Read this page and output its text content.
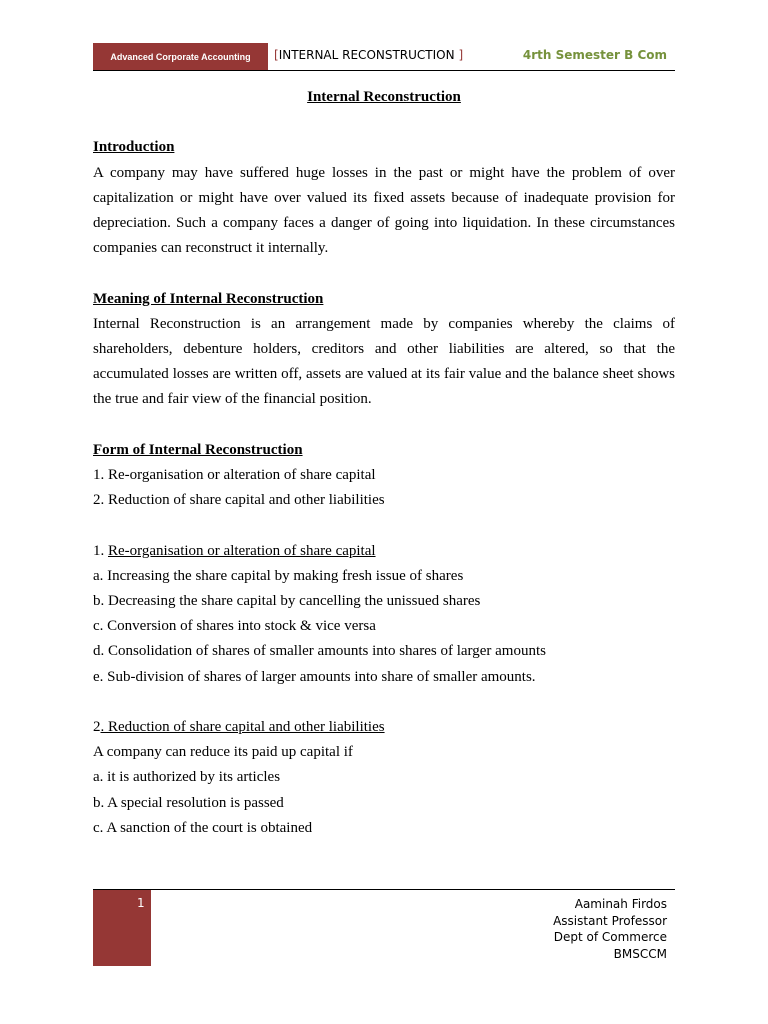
Advanced Corporate Accounting	[INTERNAL RECONSTRUCTION ]	4rth Semester B Com

Internal Reconstruction

Introduction

A company may have suffered huge losses in the past or might have the problem of over capitalization or might have over valued its fixed assets because of inadequate provision for depreciation. Such a company faces a danger of going into liquidation. In these circumstances companies can reconstruct it internally.

Meaning of Internal Reconstruction

Internal Reconstruction is an arrangement made by companies whereby the claims of shareholders, debenture holders, creditors and other liabilities are altered, so that the accumulated losses are written off, assets are valued at its fair value and the balance sheet shows the true and fair view of the financial position.

Form of Internal Reconstruction

1. Re-organisation or alteration of share capital

2. Reduction of share capital and other liabilities

1. Re-organisation or alteration of share capital

a. Increasing the share capital by making fresh issue of shares

b. Decreasing the share capital by cancelling the unissued shares

c. Conversion of shares into stock & vice versa

d. Consolidation of shares of smaller amounts into shares of larger amounts

e. Sub-division of shares of larger amounts into share of smaller amounts.

2. Reduction of share capital and other liabilities

A company can reduce its paid up capital if

a. it is authorized by its articles

b. A special resolution is passed

c. A sanction of the court is obtained

1	Aaminah Firdos
Assistant Professor
Dept of Commerce
BMSCCM
